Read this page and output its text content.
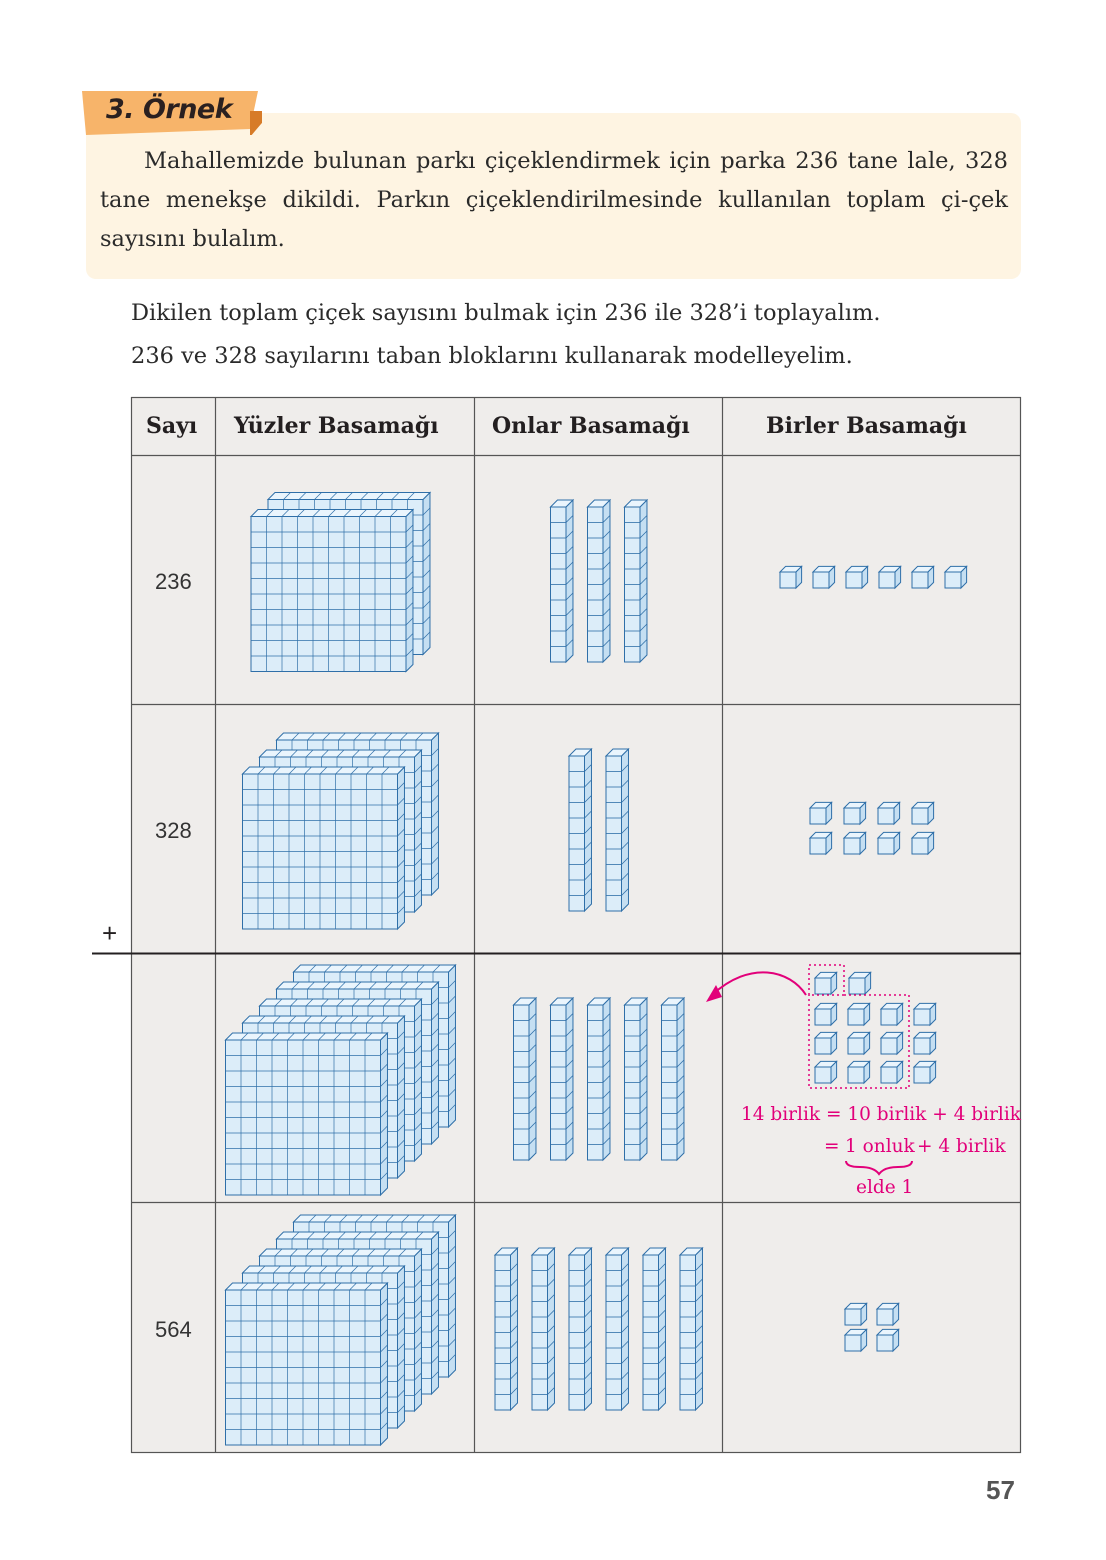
3. Örnek
Mahallemizde bulunan parkı çiçeklendirmek için parka 236 tane lale, 328 tane menekşe dikildi. Parkın çiçeklendirilmesinde kullanılan toplam çi-çek sayısını bulalım.
Dikilen toplam çiçek sayısını bulmak için 236 ile 328’i toplayalım.
236 ve 328 sayılarını taban bloklarını kullanarak modelleyelim.
Sayı Yüzler Basamağı Onlar Basamağı	Birler Basamağı
236
328
564
+
14 birlik = 10 birlik + 4 birlik
= 1 onluk + 4 birlik
elde 1
57
